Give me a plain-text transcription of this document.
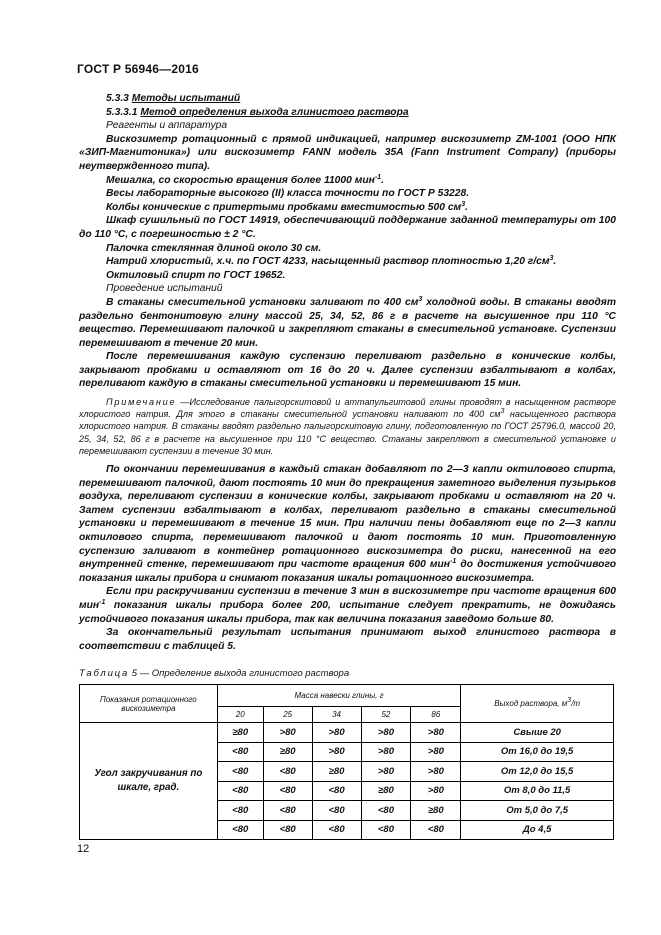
ГОСТ Р 56946—2016

5.3.3 Методы испытаний

5.3.3.1 Метод определения выхода глинистого раствора

Реагенты и аппаратура

Вискозиметр ротационный с прямой индикацией, например вискозиметр ZM-1001 (ООО НПК «ЗИП-Магнитоника») или вискозиметр FANN модель 35A (Fann Instrument Company) (приборы неутвержденного типа).

Мешалка, со скоростью вращения более 11000 мин$^{-1}$.

Весы лабораторные высокого (II) класса точности по ГОСТ Р 53228.

Колбы конические с притертыми пробками вместимостью 500 $см^3$.

Шкаф сушильный по ГОСТ 14919, обеспечивающий поддержание заданной температуры от 100 до 110 °С, с погрешностью ± 2 °С.

Палочка стеклянная длиной около 30 см.

Натрий хлористый, х.ч. по ГОСТ 4233, насыщенный раствор плотностью 1,20 $г/см^3$.

Октиловый спирт по ГОСТ 19652.

Проведение испытаний

В стаканы смесительной установки заливают по 400 $см^3$ холодной воды. В стаканы вводят раздельно бентонитовую глину массой 25, 34, 52, 86 г в расчете на высушенное при 110 °С вещество. Перемешивают палочкой и закрепляют стаканы в смесительной установке. Суспензии перемешивают в течение 20 мин.

После перемешивания каждую суспензию переливают раздельно в конические колбы, закрывают пробками и оставляют от 16 до 20 ч. Далее суспензии взбалтывают в колбах, переливают каждую в стаканы смесительной установки и перемешивают 15 мин.

Примечание —Исследование палыгорскитовой и аттапульгитовой глины проводят в насыщенном растворе хлористого натрия. Для этого в стаканы смесительной установки наливают по 400 $см^3$ насыщенного раствора хлористого натрия. В стаканы вводят раздельно палыгорскитовую глину, подготовленную по ГОСТ 25796.0, массой 20, 25, 34, 52, 86 г в расчете на высушенное при 110 °С вещество. Стаканы закрепляют в смесительной установке и перемешивают суспензии в течение 30 мин.

По окончании перемешивания в каждый стакан добавляют по 2—3 капли октилового спирта, перемешивают палочкой, дают постоять 10 мин до прекращения заметного выделения пузырьков воздуха, переливают суспензии в конические колбы, закрывают пробками и оставляют на 20 ч. Затем суспензии взбалтывают в колбах, переливают раздельно в стаканы смесительной установки и перемешивают в течение 15 мин. При наличии пены добавляют еще по 2—3 капли октилового спирта, перемешивают палочкой и дают постоять 10 мин. Приготовленную суспензию заливают в контейнер ротационного вискозиметра до риски, нанесенной на его внутренней стенке, перемешивают при частоте вращения 600 мин$^{-1}$ до достижения устойчивого показания шкалы прибора и снимают показания шкалы ротационного вискозиметра.

Если при раскручивании суспензии в течение 3 мин в вискозиметре при частоте вращения 600 мин$^{-1}$ показания шкалы прибора более 200, испытание следует прекратить, не дожидаясь устойчивого показания шкалы прибора, так как величина показания заведомо больше 80.

За окончательный результат испытания принимают выход глинистого раствора в соответствии с таблицей 5.

Таблица 5 — Определение выхода глинистого раствора
Показания ротационного вискозиметра	Масса навески глины, г					Выход раствора, $м^3/т$
	20	25	34	52	86	
Угол закручивания по шкале, град.	≥80	>80	>80	>80	>80	Свыше 20
	<80	≥80	>80	>80	>80	От 16,0 до 19,5
	<80	<80	≥80	>80	>80	От 12,0 до 15,5
	<80	<80	<80	≥80	>80	От 8,0 до 11,5
	<80	<80	<80	<80	≥80	От 5,0 до 7,5
	<80	<80	<80	<80	<80	До 4,5
12
